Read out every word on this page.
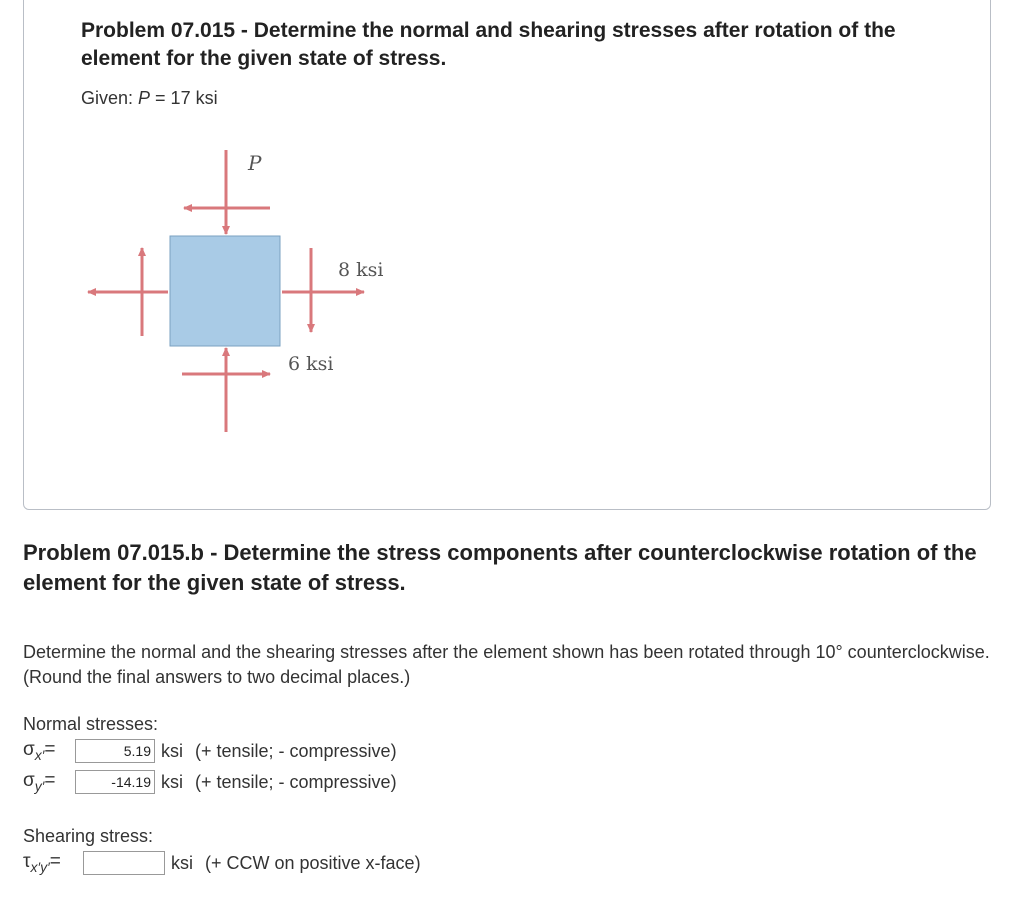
Problem 07.015 - Determine the normal and shearing stresses after rotation of the element for the given state of stress.
Given: P = 17 ksi
P
8 ksi
6 ksi
Problem 07.015.b - Determine the stress components after counterclockwise rotation of the element for the given state of stress.
Determine the normal and the shearing stresses after the element shown has been rotated through 10° counterclockwise. (Round the final answers to two decimal places.)
Normal stresses:
$\sigma_{x'}=$
5.19	ksi (+ tensile; - compressive)
$\sigma_{y'}=$
-14.19	ksi (+ tensile; - compressive)
Shearing stress:
$\tau_{x'y'}=$	ksi (+ CCW on positive x-face)
